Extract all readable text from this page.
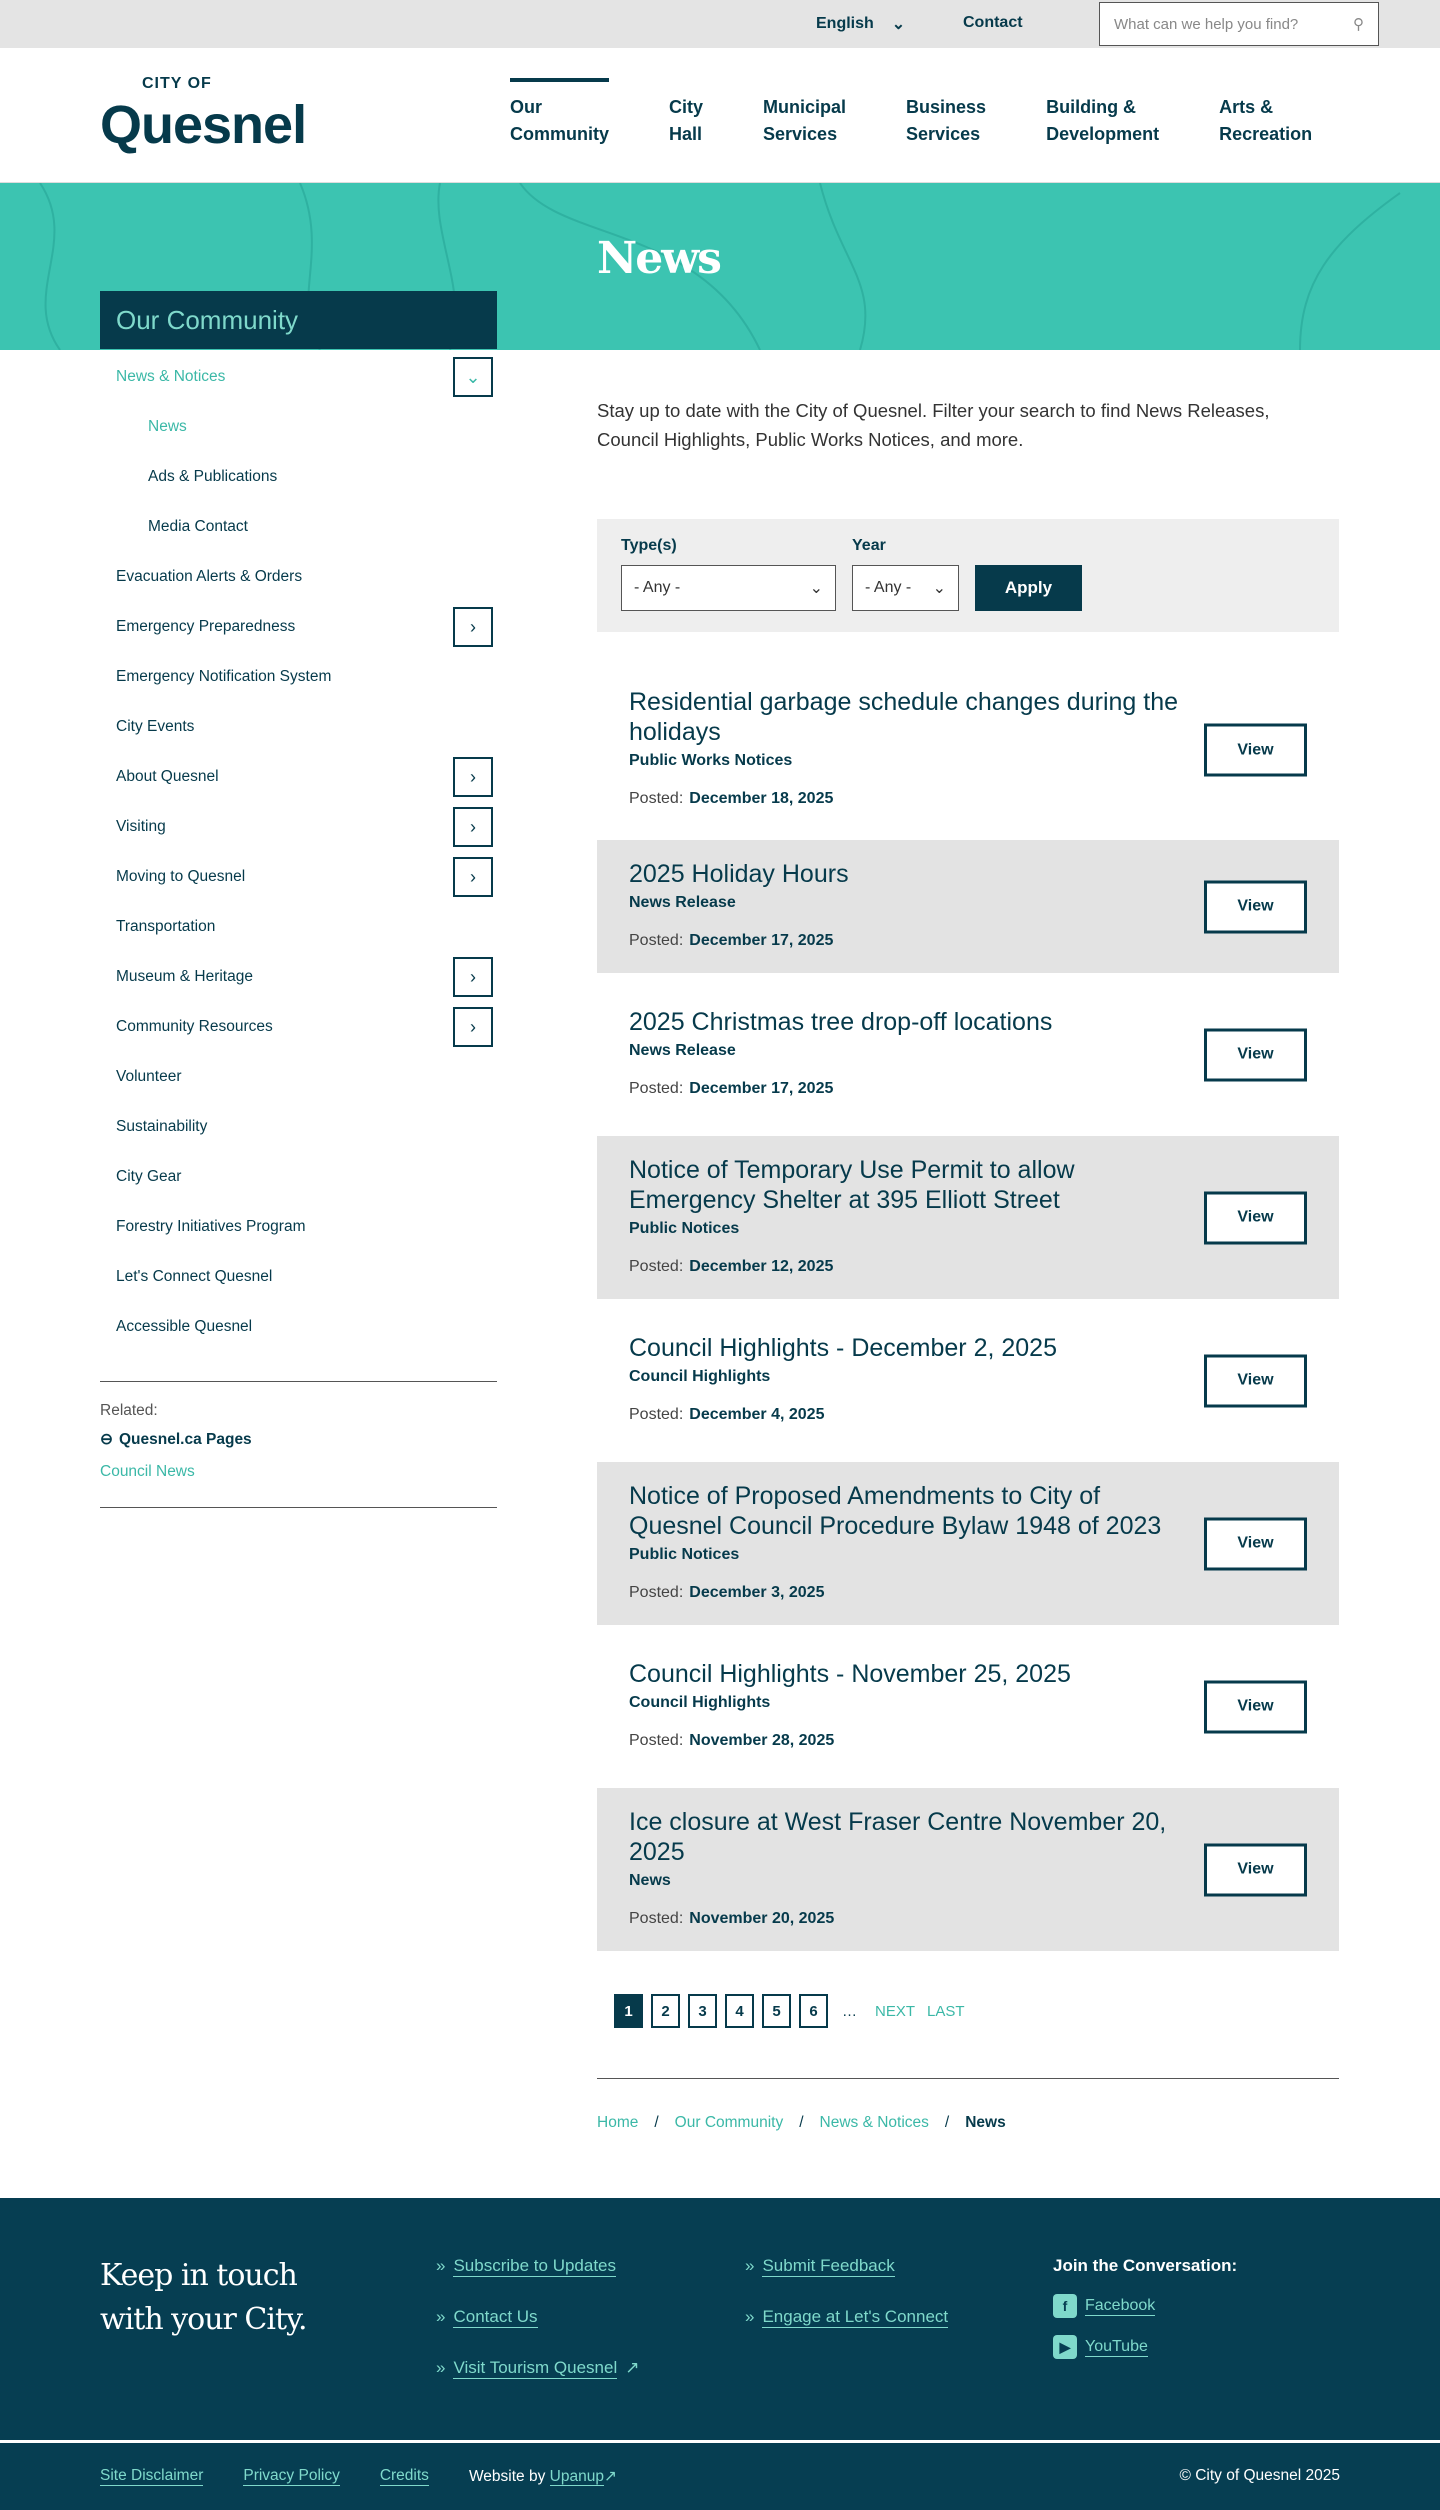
English ⌄	Contact	What can we help you find?	⚲
CITY OF
Quesnel	Our
Community
City
Hall
Municipal
Services
Business
Services
Building &
Development
Arts &
Recreation
News
Our Community
News & Notices	⌄
News
Ads & Publications
Media Contact
Evacuation Alerts & Orders
Emergency Preparedness	›
Emergency Notification System
City Events
About Quesnel	›
Visiting	›
Moving to Quesnel	›
Transportation
Museum & Heritage	›
Community Resources	›
Volunteer
Sustainability
City Gear
Forestry Initiatives Program
Let's Connect Quesnel
Accessible Quesnel
Related:
⊖ Quesnel.ca Pages
Council News

Stay up to date with the City of Quesnel. Filter your search to find News Releases, Council Highlights, Public Works Notices, and more.

Type(s)	Year
- Any -	⌄	- Any - ⌄	Apply
Residential garbage schedule changes during the holidays
Public Works Notices
Posted: December 18, 2025
View
2025 Holiday Hours
News Release
Posted: December 17, 2025
View
2025 Christmas tree drop-off locations
News Release
Posted: December 17, 2025
View
Notice of Temporary Use Permit to allow Emergency Shelter at 395 Elliott Street
Public Notices
Posted: December 12, 2025
View
Council Highlights - December 2, 2025
Council Highlights
Posted: December 4, 2025
View
Notice of Proposed Amendments to City of Quesnel Council Procedure Bylaw 1948 of 2023
Public Notices
Posted: December 3, 2025
View
Council Highlights - November 25, 2025
Council Highlights
Posted: November 28, 2025
View
Ice closure at West Fraser Centre November 20, 2025
News
Posted: November 20, 2025
View
1	2	3	4	5	6	… NEXT LAST
Home / Our Community / News & Notices / News
Keep in touch
with your City.
» Subscribe to Updates
» Contact Us
» Visit Tourism Quesnel ↗
» Submit Feedback
» Engage at Let's Connect
Join the Conversation:
f	Facebook
▶ YouTube
Site Disclaimer	Privacy Policy	Credits	Website by Upanup↗	© City of Quesnel 2025
